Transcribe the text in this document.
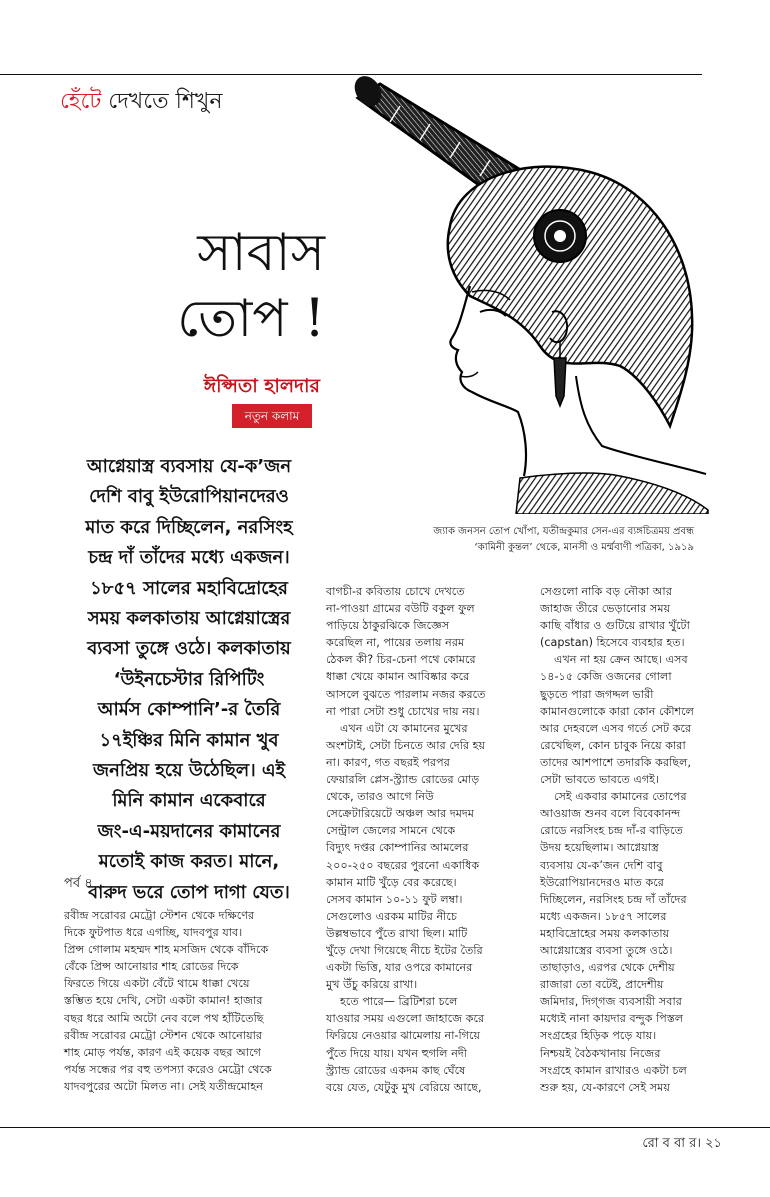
হেঁটে দেখতে শিখুন
সাবাস
তোপ !
ঈপ্সিতা হালদার
নতুন কলাম
জ্যাক জনসন তোপ খোঁপা, যতীন্দ্রকুমার সেন-এর ব্যঙ্গচিত্রময় প্রবন্ধ
‘কামিনী কুন্তল’ থেকে, মানসী ও মর্ম্মবাণী পত্রিকা, ১৯১৯
আগ্নেয়াস্ত্র ব্যবসায় যে-ক’জন
দেশি বাবু ইউরোপিয়ানদেরও
মাত করে দিচ্ছিলেন, নরসিংহ
চন্দ্র দাঁ তাঁদের মধ্যে একজন।
১৮৫৭ সালের মহাবিদ্রোহের
সময় কলকাতায় আগ্নেয়াস্ত্রের
ব্যবসা তুঙ্গে ওঠে। কলকাতায়
‘উইনচেস্টার রিপিটিং
আর্মস কোম্পানি’-র তৈরি
১৭ইঞ্চির মিনি কামান খুব
জনপ্রিয় হয়ে উঠেছিল। এই
মিনি কামান একেবারে
জং-এ-ময়দানের কামানের
মতোই কাজ করত। মানে,
বারুদ ভরে তোপ দাগা যেত।
পর্ব ৪
রবীন্দ্র সরোবর মেট্রো স্টেশন থেকে দক্ষিণের
দিকে ফুটপাত ধরে এগচ্ছি, যাদবপুর যাব।
প্রিন্স গোলাম মহম্মদ শাহ মসজিদ থেকে বাঁদিকে
বেঁকে প্রিন্স আনোয়ার শাহ রোডের দিকে
ফিরতে গিয়ে একটা বেঁটে থামে ধাক্কা খেয়ে
স্তম্ভিত হয়ে দেখি, সেটা একটা কামান! হাজার
বছর ধরে আমি অটো নেব বলে পথ হাঁটিতেছি
রবীন্দ্র সরোবর মেট্রো স্টেশন থেকে আনোয়ার
শাহ মোড় পর্যন্ত, কারণ এই কয়েক বছর আগে
পর্যন্ত সন্ধের পর বহু তপস্যা করেও মেট্রো থেকে
যাদবপুরের অটো মিলত না। সেই যতীন্দ্রমোহন
বাগচী-র কবিতায় চোখে দেখতে
না-পাওয়া গ্রামের বউটি বকুল ফুল
পাড়িয়ে ঠাকুরঝিকে জিজ্ঞেস
করেছিল না, পায়ের তলায় নরম
ঠেকল কী? চির-চেনা পথে কোমরে
ধাক্কা খেয়ে কামান আবিষ্কার করে
আসলে বুঝতে পারলাম নজর করতে
না পারা সেটা শুধু চোখের দায় নয়।
এখন এটা যে কামানের মুখের
অংশটাই, সেটা চিনতে আর দেরি হয়
না। কারণ, গত বছরই পরপর
ফেয়ারলি প্লেস-স্ট্র্যান্ড রোডের মোড়
থেকে, তারও আগে নিউ
সেক্রেটারিয়েটে অঞ্চল আর দমদম
সেন্ট্রাল জেলের সামনে থেকে
বিদ্যুৎ দপ্তর কোম্পানির আমলের
২০০-২৫০ বছরের পুরনো একাধিক
কামান মাটি খুঁড়ে বের করেছে।
সেসব কামান ১০-১১ ফুট লম্বা।
সেগুলোও এরকম মাটির নীচে
উল্লম্বভাবে পুঁতে রাখা ছিল। মাটি
খুঁড়ে দেখা গিয়েছে নীচে ইটের তৈরি
একটা ভিত্তি, যার ওপরে কামানের
মুখ উঁচু করিয়ে রাখা।
হতে পারে— ব্রিটিশরা চলে
যাওয়ার সময় এগুলো জাহাজে করে
ফিরিয়ে নেওয়ার ঝামেলায় না-গিয়ে
পুঁতে দিয়ে যায়। যখন হুগলি নদী
স্ট্র্যান্ড রোডের একদম কাছ ঘেঁষে
বয়ে যেত, যেটুকু মুখ বেরিয়ে আছে,
সেগুলো নাকি বড় নৌকা আর
জাহাজ তীরে ভেড়ানোর সময়
কাছি বাঁধার ও গুটিয়ে রাখার খুঁটো
(capstan) হিসেবে ব্যবহার হত।
এখন না হয় ক্রেন আছে। এসব
১৪-১৫ কেজি ওজনের গোলা
ছুড়তে পারা জগদ্দল ভারী
কামানগুলোকে কারা কোন কৌশলে
আর দেহবলে এসব গর্তে সেট করে
রেখেছিল, কোন চাবুক নিয়ে কারা
তাদের আশপাশে তদারকি করছিল,
সেটা ভাবতে ভাবতে এগই।
সেই একবার কামানের তোপের
আওয়াজ শুনব বলে বিবেকানন্দ
রোডে নরসিংহ চন্দ্র দাঁ-র বাড়িতে
উদয় হয়েছিলাম। আগ্নেয়াস্ত্র
ব্যবসায় যে-ক’জন দেশি বাবু
ইউরোপিয়ানদেরও মাত করে
দিচ্ছিলেন, নরসিংহ চন্দ্র দাঁ তাঁদের
মধ্যে একজন। ১৮৫৭ সালের
মহাবিদ্রোহের সময় কলকাতায়
আগ্নেয়াস্ত্রের ব্যবসা তুঙ্গে ওঠে।
তাছাড়াও, এরপর থেকে দেশীয়
রাজারা তো বটেই, প্রাদেশীয়
জমিদার, দিগ্‌গজ ব্যবসায়ী সবার
মধ্যেই নানা কায়দার বন্দুক পিস্তল
সংগ্রহের হিড়িক পড়ে যায়।
নিশ্চয়ই বৈঠকখানায় নিজের
সংগ্রহে কামান রাখারও একটা চল
শুরু হয়, যে-কারণে সেই সময়
রো ব বা র। ২১
